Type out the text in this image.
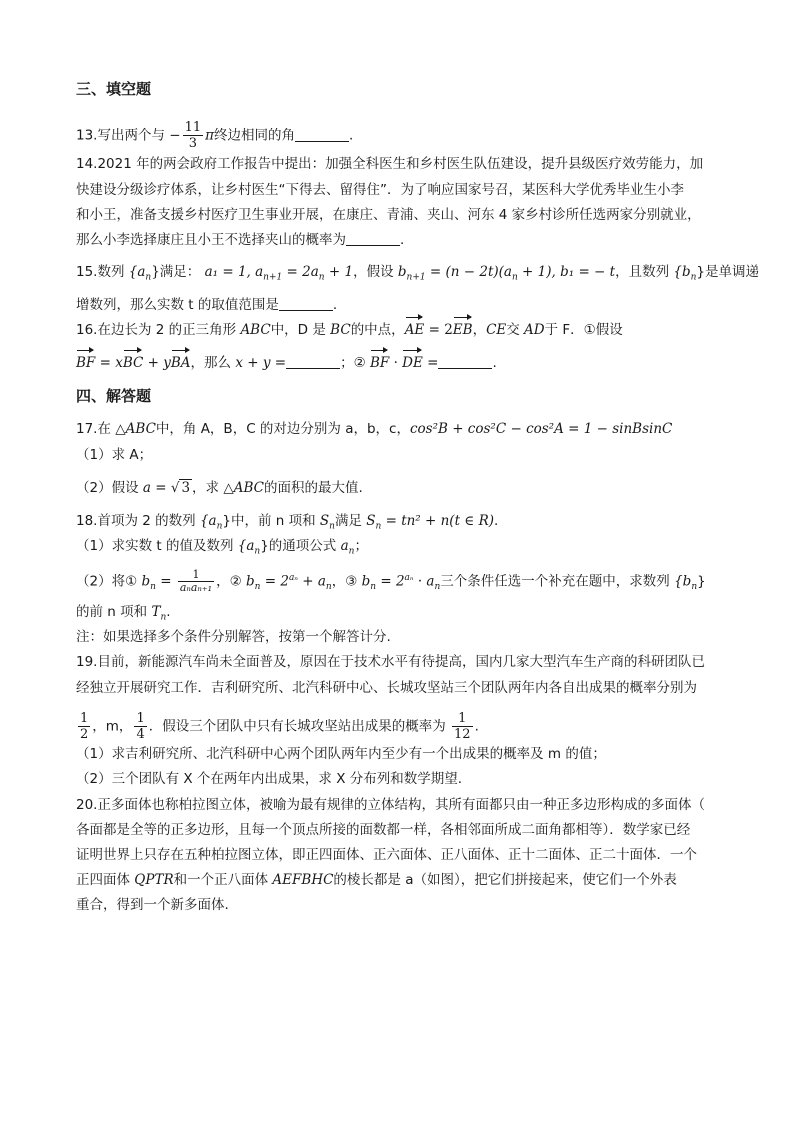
三、填空题
13.写出两个与 − $\frac{11}{3}$ π终边相同的角	.
14.2021 年的两会政府工作报告中提出：加强全科医生和乡村医生队伍建设，提升县级医疗效劳能力，加
快建设分级诊疗体系，让乡村医生“下得去、留得住”．为了响应国家号召，某医科大学优秀毕业生小李
和小王，准备支援乡村医疗卫生事业开展，在康庄、青浦、夹山、河东 4 家乡村诊所任选两家分别就业，
那么小李选择康庄且小王不选择夹山的概率为	.
15.数列 $\{a_n\}$满足： a₁ = 1, $a_{n+1} = 2a_n + 1$，假设 $b_{n+1} = (n - 2t)(a_n + 1)$, b₁ = − t，且数列 $\{b_n\}$是单调递
增数列，那么实数 t 的取值范围是	.
16.在边长为 2 的正三角形 ABC中，D 是 BC的中点，AE = 2EB，CE交 AD于 F．①假设
BF = xBC + yBA，那么 x + y =	；② BF · DE =	.
四、解答题
17.在 △ABC中，角 A，B，C 的对边分别为 a，b，c，cos²B + cos²C − cos²A = 1 − sinBsinC
（1）求 A；
（2）假设 a = √ 3 ，求 △ABC的面积的最大值.
18.首项为 2 的数列 $\{a_n\}$中，前 n 项和 $S_n$满足 $S_n = tn^2 + n(t$ ∈ R).
（1）求实数 t 的值及数列 $\{a_n\}$的通项公式 $a_n$；
（2）将① $b_n = \frac{1}{\text{aₙaₙ₊₁}}$ ，② $b_n = 2^{a_n} + a_n$，③ $b_n = 2^{a_n} \cdot a_n$三个条件任选一个补充在题中，求数列 $\{b_n\}$
的前 n 项和 $T_n$.
注：如果选择多个条件分别解答，按第一个解答计分.
19.目前，新能源汽车尚未全面普及，原因在于技术水平有待提高，国内几家大型汽车生产商的科研团队已
经独立开展研究工作．吉利研究所、北汽科研中心、长城攻坚站三个团队两年内各自出成果的概率分别为
$\frac{1}{2}$ ，m， $\frac{1}{4}$ ．假设三个团队中只有长城攻坚站出成果的概率为 $\frac{1}{12}$ .
（1）求吉利研究所、北汽科研中心两个团队两年内至少有一个出成果的概率及 m 的值；
（2）三个团队有 X 个在两年内出成果，求 X 分布列和数学期望.
20.正多面体也称柏拉图立体，被喻为最有规律的立体结构，其所有面都只由一种正多边形构成的多面体（
各面都是全等的正多边形，且每一个顶点所接的面数都一样，各相邻面所成二面角都相等）．数学家已经
证明世界上只存在五种柏拉图立体，即正四面体、正六面体、正八面体、正十二面体、正二十面体．一个
正四面体 QPTR和一个正八面体 AEFBHC的棱长都是 a（如图），把它们拼接起来，使它们一个外表
重合，得到一个新多面体.
